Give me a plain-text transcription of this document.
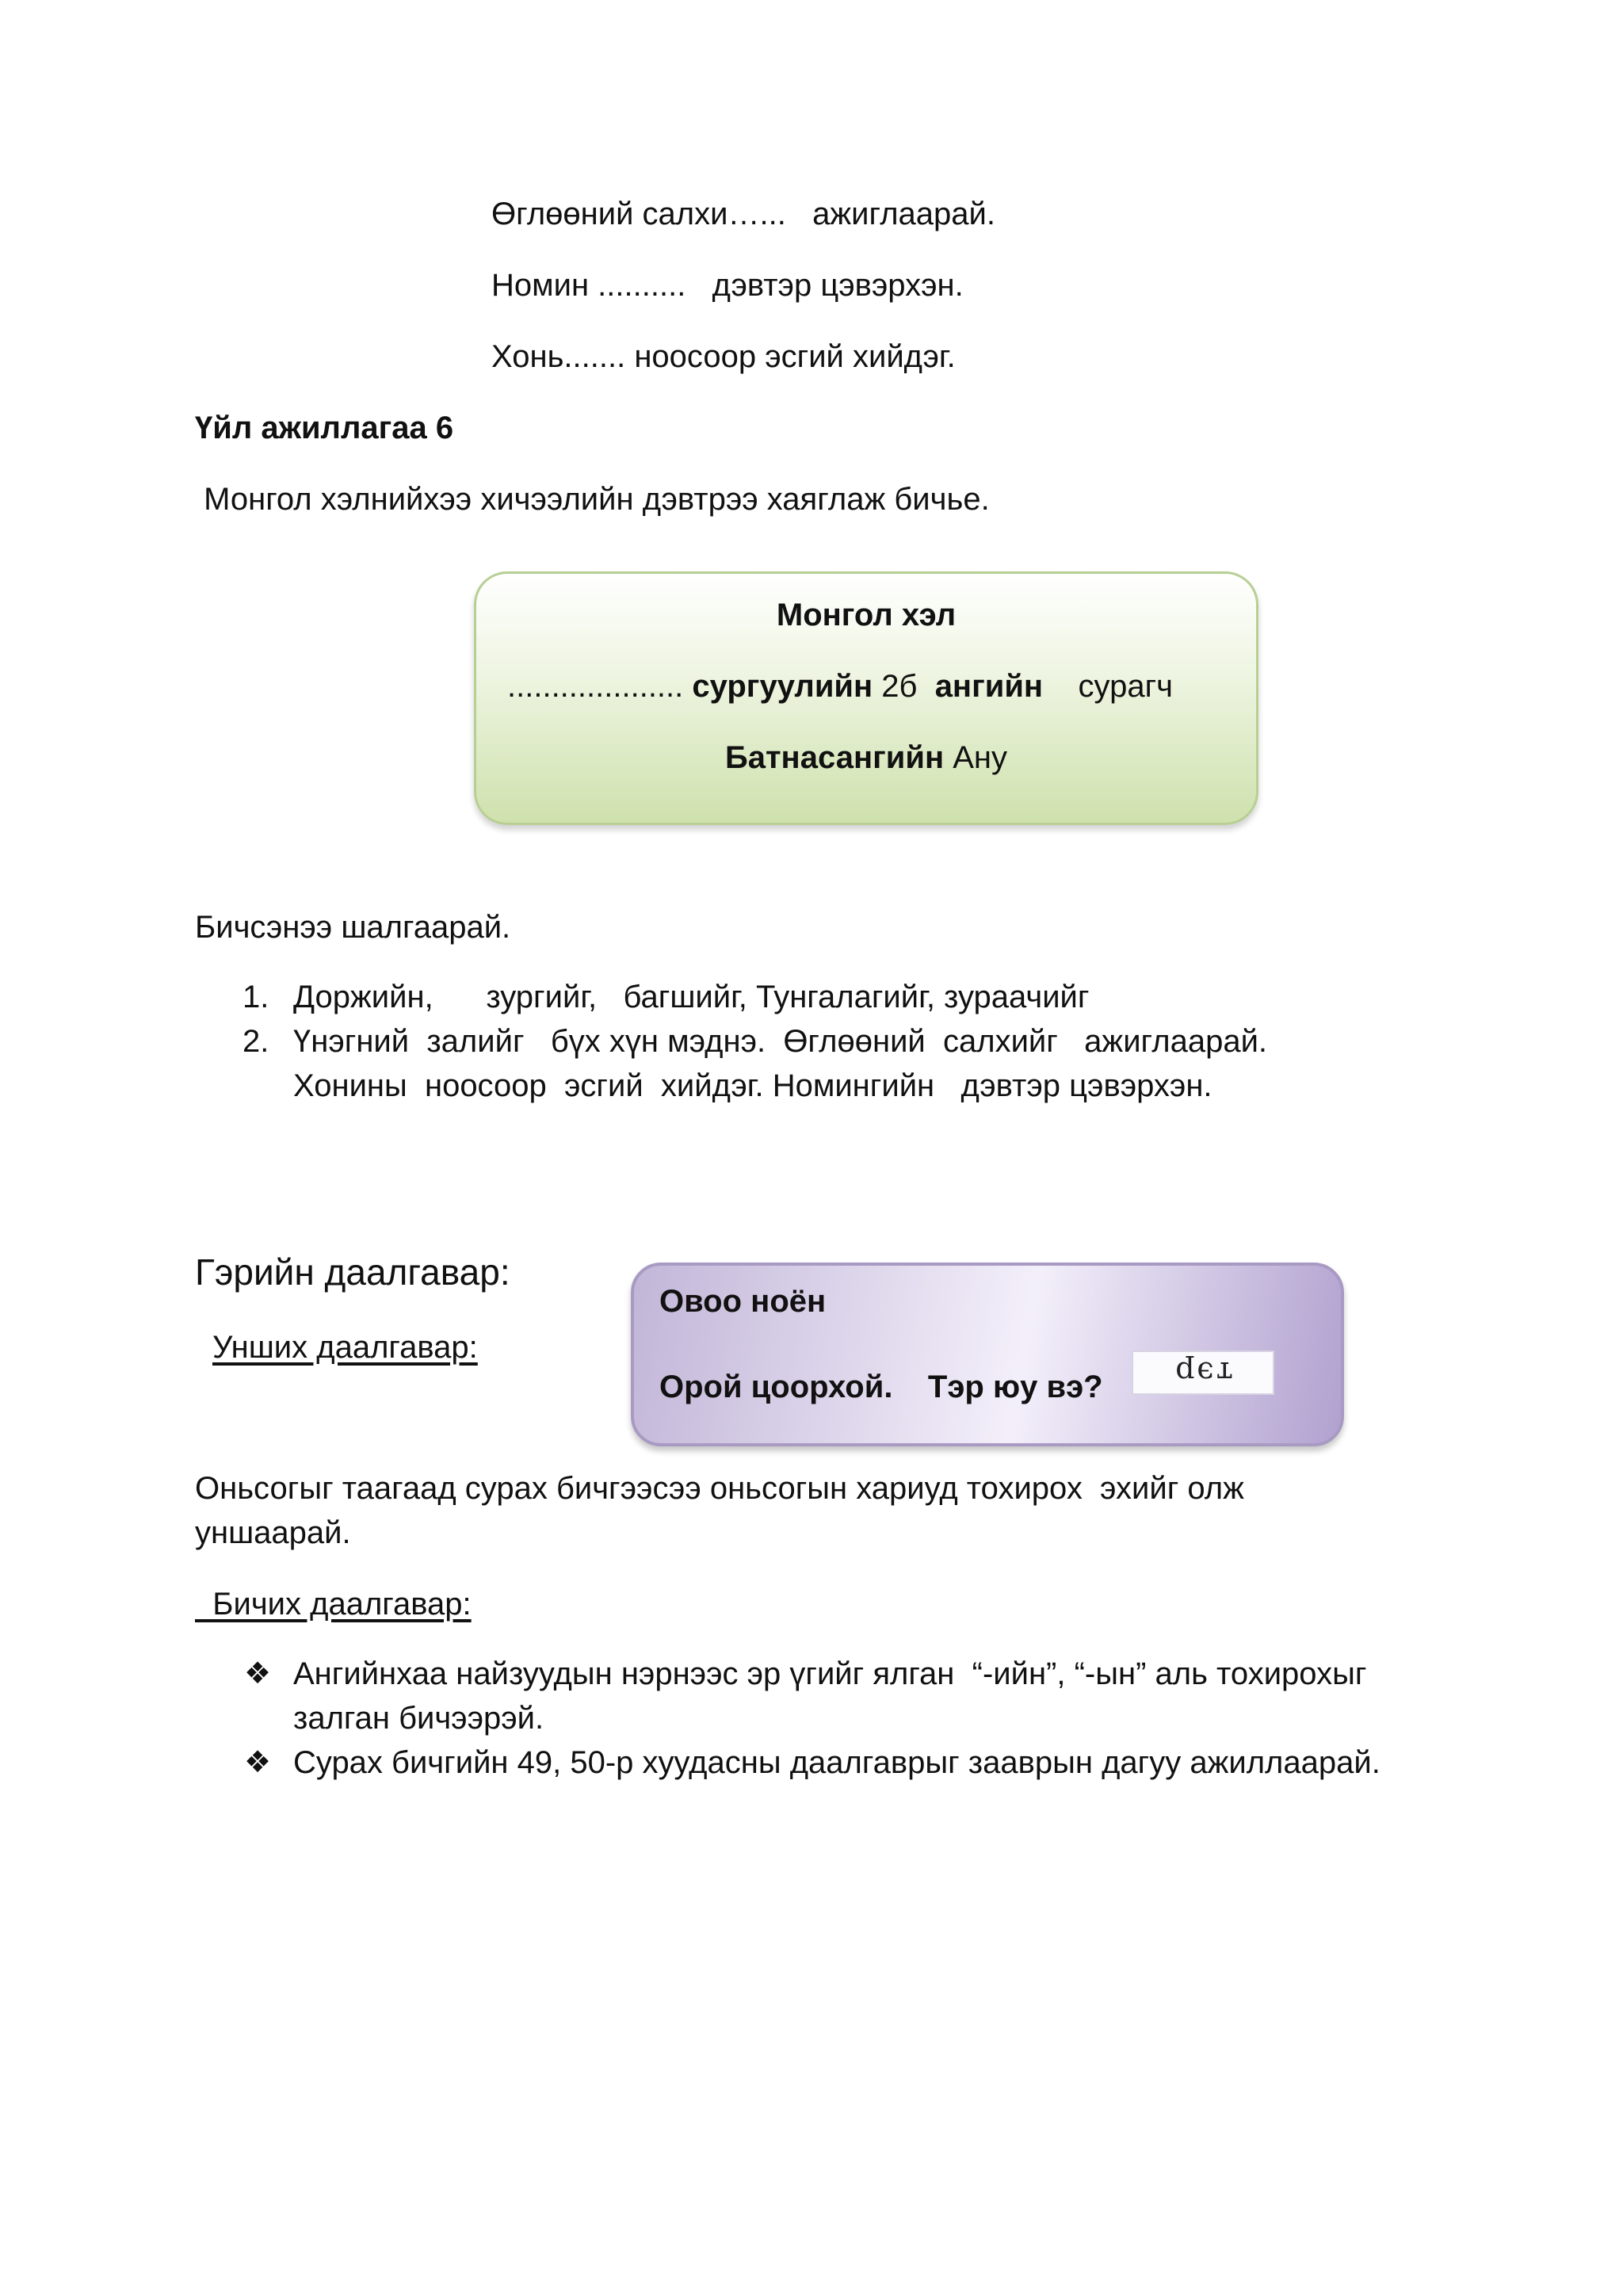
Өглөөний салхи…...   ажиглаарай.
Номин ..........   дэвтэр цэвэрхэн.
Хонь....... ноосоор эсгий хийдэг.
Үйл ажиллагаа 6
Монгол хэлнийхээ хичээлийн дэвтрээ хаяглаж бичье.
Монгол хэл
.................... сургуулийн 2б ангийн сурагч
Батнасангийн Ану
Бичсэнээ шалгаарай.
1. Доржийн,      зургийг,   багшийг, Тунгалагийг, зураачийг
2. Үнэгний  залийг   бүх хүн мэднэ.  Өглөөний  салхийг   ажиглаарай.
Хонины  ноосоор  эсгий  хийдэг. Номингийн   дэвтэр цэвэрхэн.
Гэрийн даалгавар:
Унших даалгавар:
Овоо ноён
Орой цоорхой.    Тэр юу вэ?	тэр
Оньсогыг таагаад сурах бичгээсээ оньсогын хариуд тохирох  эхийг олж
уншаарай.
Бичих даалгавар:
❖ Ангийнхаа найзуудын нэрнээс эр үгийг ялган  “-ийн”, “-ын” аль тохирохыг
залган бичээрэй.
❖ Сурах бичгийн 49, 50-р хуудасны даалгаврыг зааврын дагуу ажиллаарай.
